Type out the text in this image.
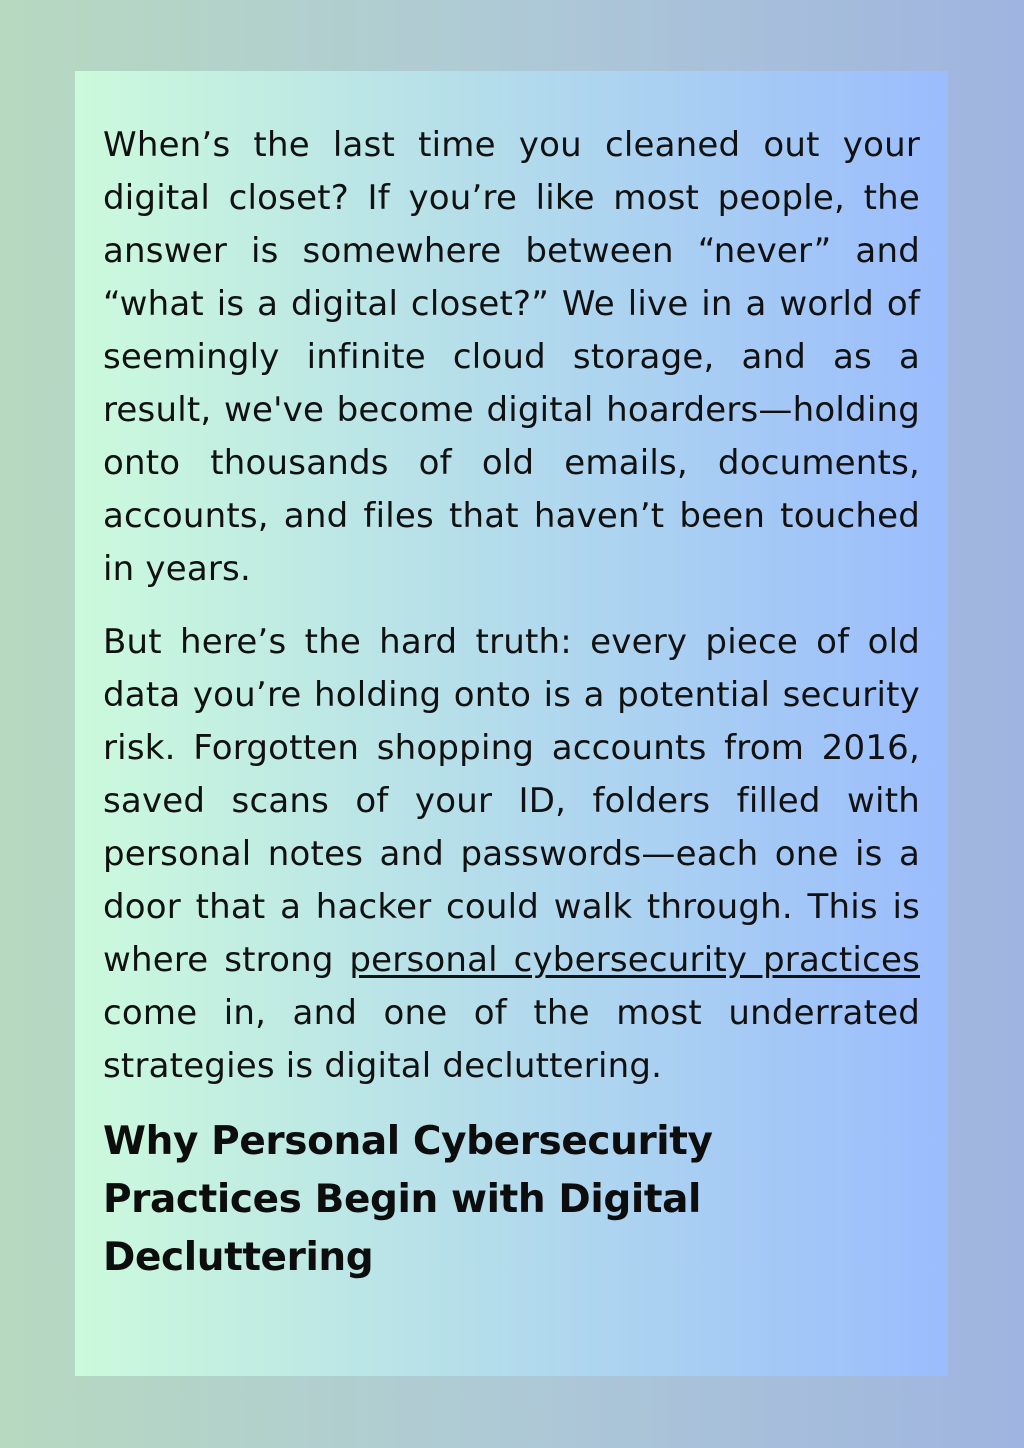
When’s the last time you cleaned out your digital closet? If you’re like most people, the answer is somewhere between “never” and “what is a digital closet?” We live in a world of seemingly infinite cloud storage, and as a result, we've become digital hoarders—holding onto thousands of old emails, documents, accounts, and files that haven’t been touched in years.

But here’s the hard truth: every piece of old data you’re holding onto is a potential security risk. Forgotten shopping accounts from 2016, saved scans of your ID, folders filled with personal notes and passwords—each one is a door that a hacker could walk through. This is where strong personal cybersecurity practices come in, and one of the most underrated strategies is digital decluttering.

Why Personal Cybersecurity Practices Begin with Digital Decluttering
